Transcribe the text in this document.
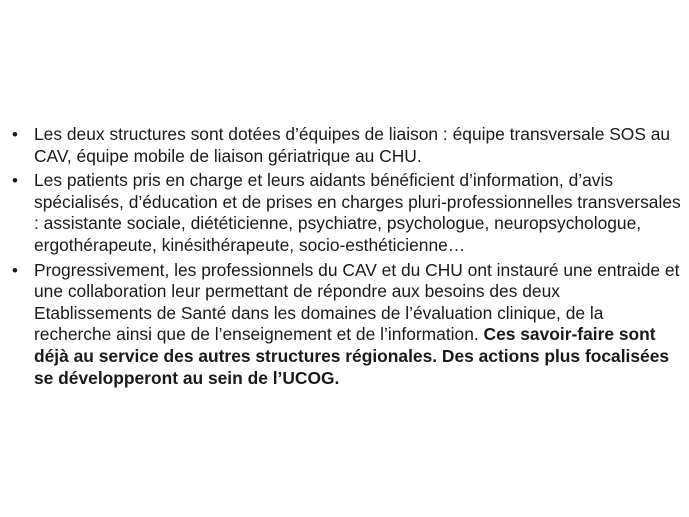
• Les deux structures sont dotées d’équipes de liaison : équipe transversale SOS au CAV, équipe mobile de liaison gériatrique au CHU.
• Les patients pris en charge et leurs aidants bénéficient d’information, d’avis spécialisés, d’éducation et de prises en charges pluri-professionnelles transversales : assistante sociale, diététicienne, psychiatre, psychologue, neuropsychologue, ergothérapeute, kinésithérapeute, socio-esthéticienne…
• Progressivement, les professionnels du CAV et du CHU ont instauré une entraide et une collaboration leur permettant de répondre aux besoins des deux Etablissements de Santé dans les domaines de l’évaluation clinique, de la recherche ainsi que de l’enseignement et de l’information. Ces savoir-faire sont déjà au service des autres structures régionales. Des actions plus focalisées se développeront au sein de l’UCOG.
